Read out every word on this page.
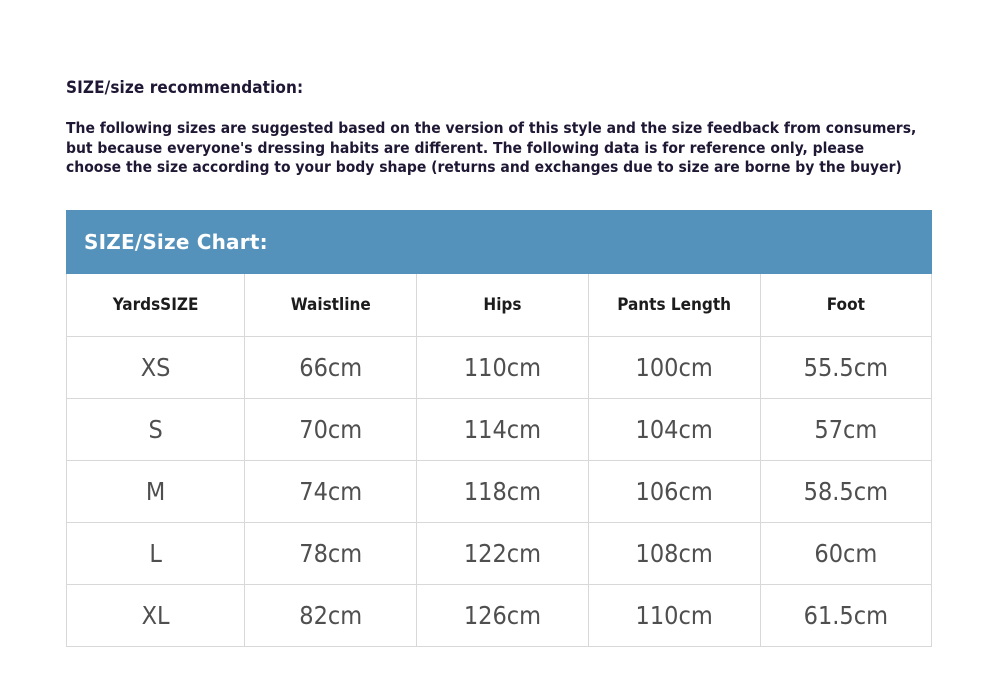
SIZE/size recommendation:

The following sizes are suggested based on the version of this style and the size feedback from consumers,
but because everyone's dressing habits are different. The following data is for reference only, please
choose the size according to your body shape (returns and exchanges due to size are borne by the buyer)

SIZE/Size Chart:
YardsSIZE	Waistline	Hips	Pants Length	Foot
XS	66cm	110cm	100cm	55.5cm
S	70cm	114cm	104cm	57cm
M	74cm	118cm	106cm	58.5cm
L	78cm	122cm	108cm	60cm
XL	82cm	126cm	110cm	61.5cm
